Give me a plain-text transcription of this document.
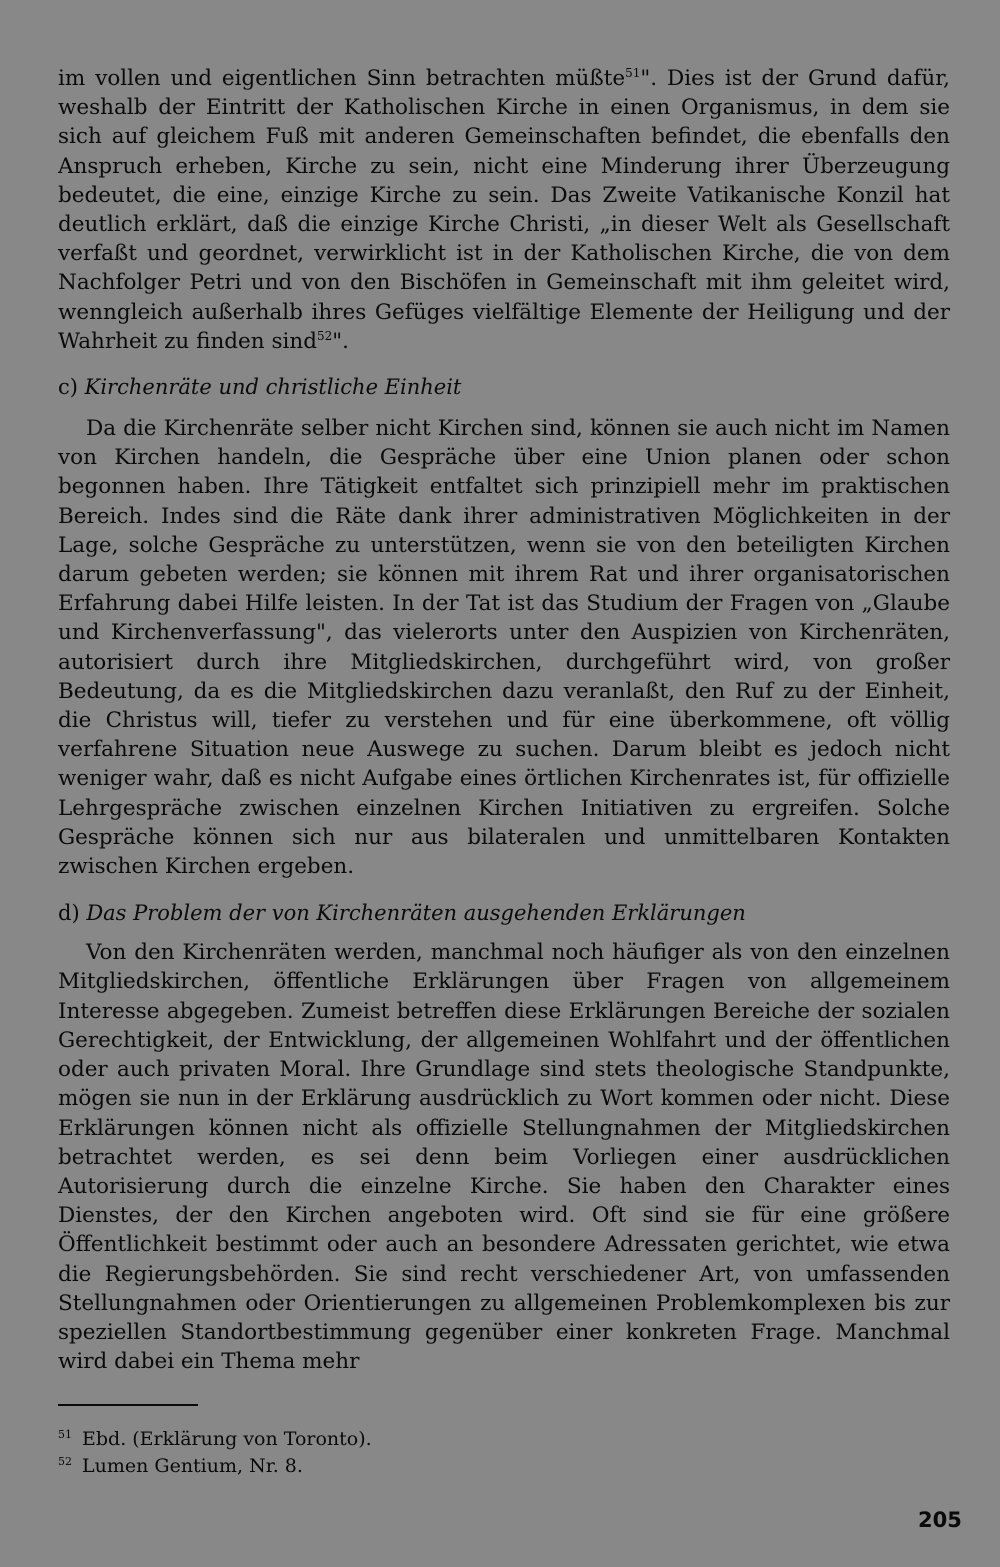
im vollen und eigentlichen Sinn betrachten müßte$^{51}$". Dies ist der Grund dafür, weshalb der Eintritt der Katholischen Kirche in einen Organismus, in dem sie sich auf gleichem Fuß mit anderen Gemeinschaften befindet, die ebenfalls den Anspruch erheben, Kirche zu sein, nicht eine Minderung ihrer Überzeugung bedeutet, die eine, einzige Kirche zu sein. Das Zweite Vatikanische Konzil hat deutlich erklärt, daß die einzige Kirche Christi, „in dieser Welt als Gesellschaft verfaßt und geordnet, verwirklicht ist in der Katholischen Kirche, die von dem Nachfolger Petri und von den Bischöfen in Gemeinschaft mit ihm geleitet wird, wenngleich außerhalb ihres Gefüges vielfältige Elemente der Heiligung und der Wahrheit zu finden sind$^{52}$".

c) Kirchenräte und christliche Einheit

Da die Kirchenräte selber nicht Kirchen sind, können sie auch nicht im Namen von Kirchen handeln, die Gespräche über eine Union planen oder schon begonnen haben. Ihre Tätigkeit entfaltet sich prinzipiell mehr im praktischen Bereich. Indes sind die Räte dank ihrer administrativen Möglichkeiten in der Lage, solche Gespräche zu unterstützen, wenn sie von den beteiligten Kirchen darum gebeten werden; sie können mit ihrem Rat und ihrer organisatorischen Erfahrung dabei Hilfe leisten. In der Tat ist das Studium der Fragen von „Glaube und Kirchenverfassung", das vielerorts unter den Auspizien von Kirchenräten, autorisiert durch ihre Mitgliedskirchen, durchgeführt wird, von großer Bedeutung, da es die Mitgliedskirchen dazu veranlaßt, den Ruf zu der Einheit, die Christus will, tiefer zu verstehen und für eine überkommene, oft völlig verfahrene Situation neue Auswege zu suchen. Darum bleibt es jedoch nicht weniger wahr, daß es nicht Aufgabe eines örtlichen Kirchenrates ist, für offizielle Lehrgespräche zwischen einzelnen Kirchen Initiativen zu ergreifen. Solche Gespräche können sich nur aus bilateralen und unmittelbaren Kontakten zwischen Kirchen ergeben.

d) Das Problem der von Kirchenräten ausgehenden Erklärungen

Von den Kirchenräten werden, manchmal noch häufiger als von den einzelnen Mitgliedskirchen, öffentliche Erklärungen über Fragen von allgemeinem Interesse abgegeben. Zumeist betreffen diese Erklärungen Bereiche der sozialen Gerechtigkeit, der Entwicklung, der allgemeinen Wohlfahrt und der öffentlichen oder auch privaten Moral. Ihre Grundlage sind stets theologische Standpunkte, mögen sie nun in der Erklärung ausdrücklich zu Wort kommen oder nicht. Diese Erklärungen können nicht als offizielle Stellungnahmen der Mitgliedskirchen betrachtet werden, es sei denn beim Vorliegen einer ausdrücklichen Autorisierung durch die einzelne Kirche. Sie haben den Charakter eines Dienstes, der den Kirchen angeboten wird. Oft sind sie für eine größere Öffentlichkeit bestimmt oder auch an besondere Adressaten gerichtet, wie etwa die Regierungsbehörden. Sie sind recht verschiedener Art, von umfassenden Stellungnahmen oder Orientierungen zu allgemeinen Problemkomplexen bis zur speziellen Standortbestimmung gegenüber einer konkreten Frage. Manchmal wird dabei ein Thema mehr

$^{51}$ Ebd. (Erklärung von Toronto).
$^{52}$ Lumen Gentium, Nr. 8.
205
